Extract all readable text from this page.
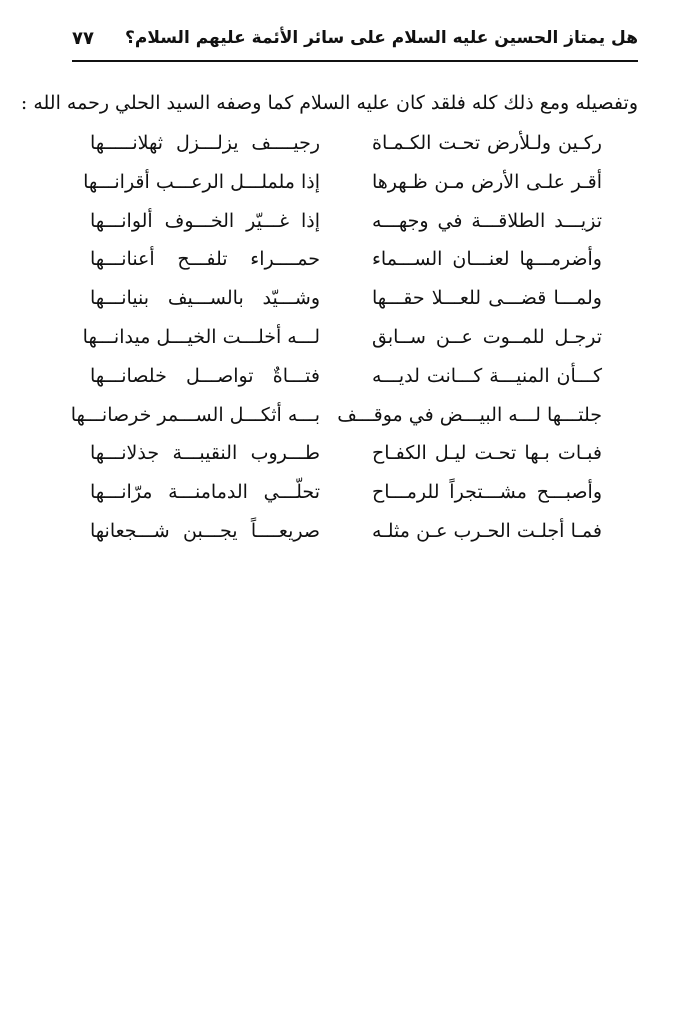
هل يمتاز الحسين عليه السلام على سائر الأئمة عليهم السلام؟
٧٧
وتفصيله ومع ذلك كله فلقد كان عليه السلام كما وصفه السيد الحلي رحمه الله :
ركـين ولـلأرض تحـت الكـمـاة
رجيــــف يزلـــزل ثهلانـــــها
أقـر علـى الأرض مـن ظـهرها
إذا ململـــل الرعـــب أقرانـــها
تزيـــد الطلاقـــة في وجهـــه
إذا غـــيّر الخـــوف ألوانـــها
وأضرمـــها لعنـــان الســـماء
حمــــراء تلفـــح أعنانـــها
ولمـــا قضـــى للعـــلا حقـــها
وشـــيّد بالســـيف بنيانـــها
ترجـل للمــوت عــن ســابق
لـــه أخلـــت الخيـــل ميدانـــها
كـــأن المنيـــة كـــانت لديـــه
فتـــاةٌ تواصـــل خلصانـــها
جلتـــها لـــه البيـــض في موقـــف
بـــه أثكـــل الســـمر خرصانـــها
فبـات بـها تحـت ليـل الكفـاح
طـــروب النقيبـــة جذلانـــها
وأصبـــح مشـــتجراً للرمـــاح
تحلّـــي الدمامنـــة مرّانـــها
فمـا أجلـت الحـرب عـن مثلـه
صريعــــاً يجـــبن شـــجعانها
